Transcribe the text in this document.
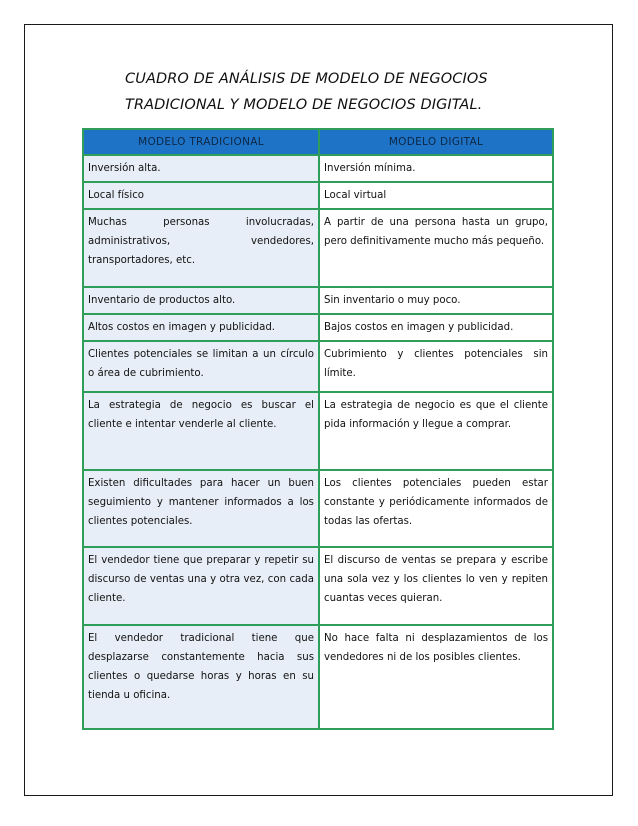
CUADRO DE ANÁLISIS DE MODELO DE NEGOCIOS
TRADICIONAL Y MODELO DE NEGOCIOS DIGITAL.
MODELO TRADICIONAL	MODELO DIGITAL
Inversión alta.	Inversión mínima.
Local físico	Local virtual
Muchas personas involucradas, administrativos, vendedores, transportadores, etc.	A partir de una persona hasta un grupo, pero definitivamente mucho más pequeño.
Inventario de productos alto.	Sin inventario o muy poco.
Altos costos en imagen y publicidad.	Bajos costos en imagen y publicidad.
Clientes potenciales se limitan a un círculo o área de cubrimiento.	Cubrimiento y clientes potenciales sin límite.
La estrategia de negocio es buscar el cliente e intentar venderle al cliente.	La estrategia de negocio es que el cliente pida información y llegue a comprar.
Existen dificultades para hacer un buen seguimiento y mantener informados a los clientes potenciales.	Los clientes potenciales pueden estar constante y periódicamente informados de todas las ofertas.
El vendedor tiene que preparar y repetir su discurso de ventas una y otra vez, con cada cliente.	El discurso de ventas se prepara y escribe una sola vez y los clientes lo ven y repiten cuantas veces quieran.
El vendedor tradicional tiene que desplazarse constantemente hacia sus clientes o quedarse horas y horas en su tienda u oficina.	No hace falta ni desplazamientos de los vendedores ni de los posibles clientes.
